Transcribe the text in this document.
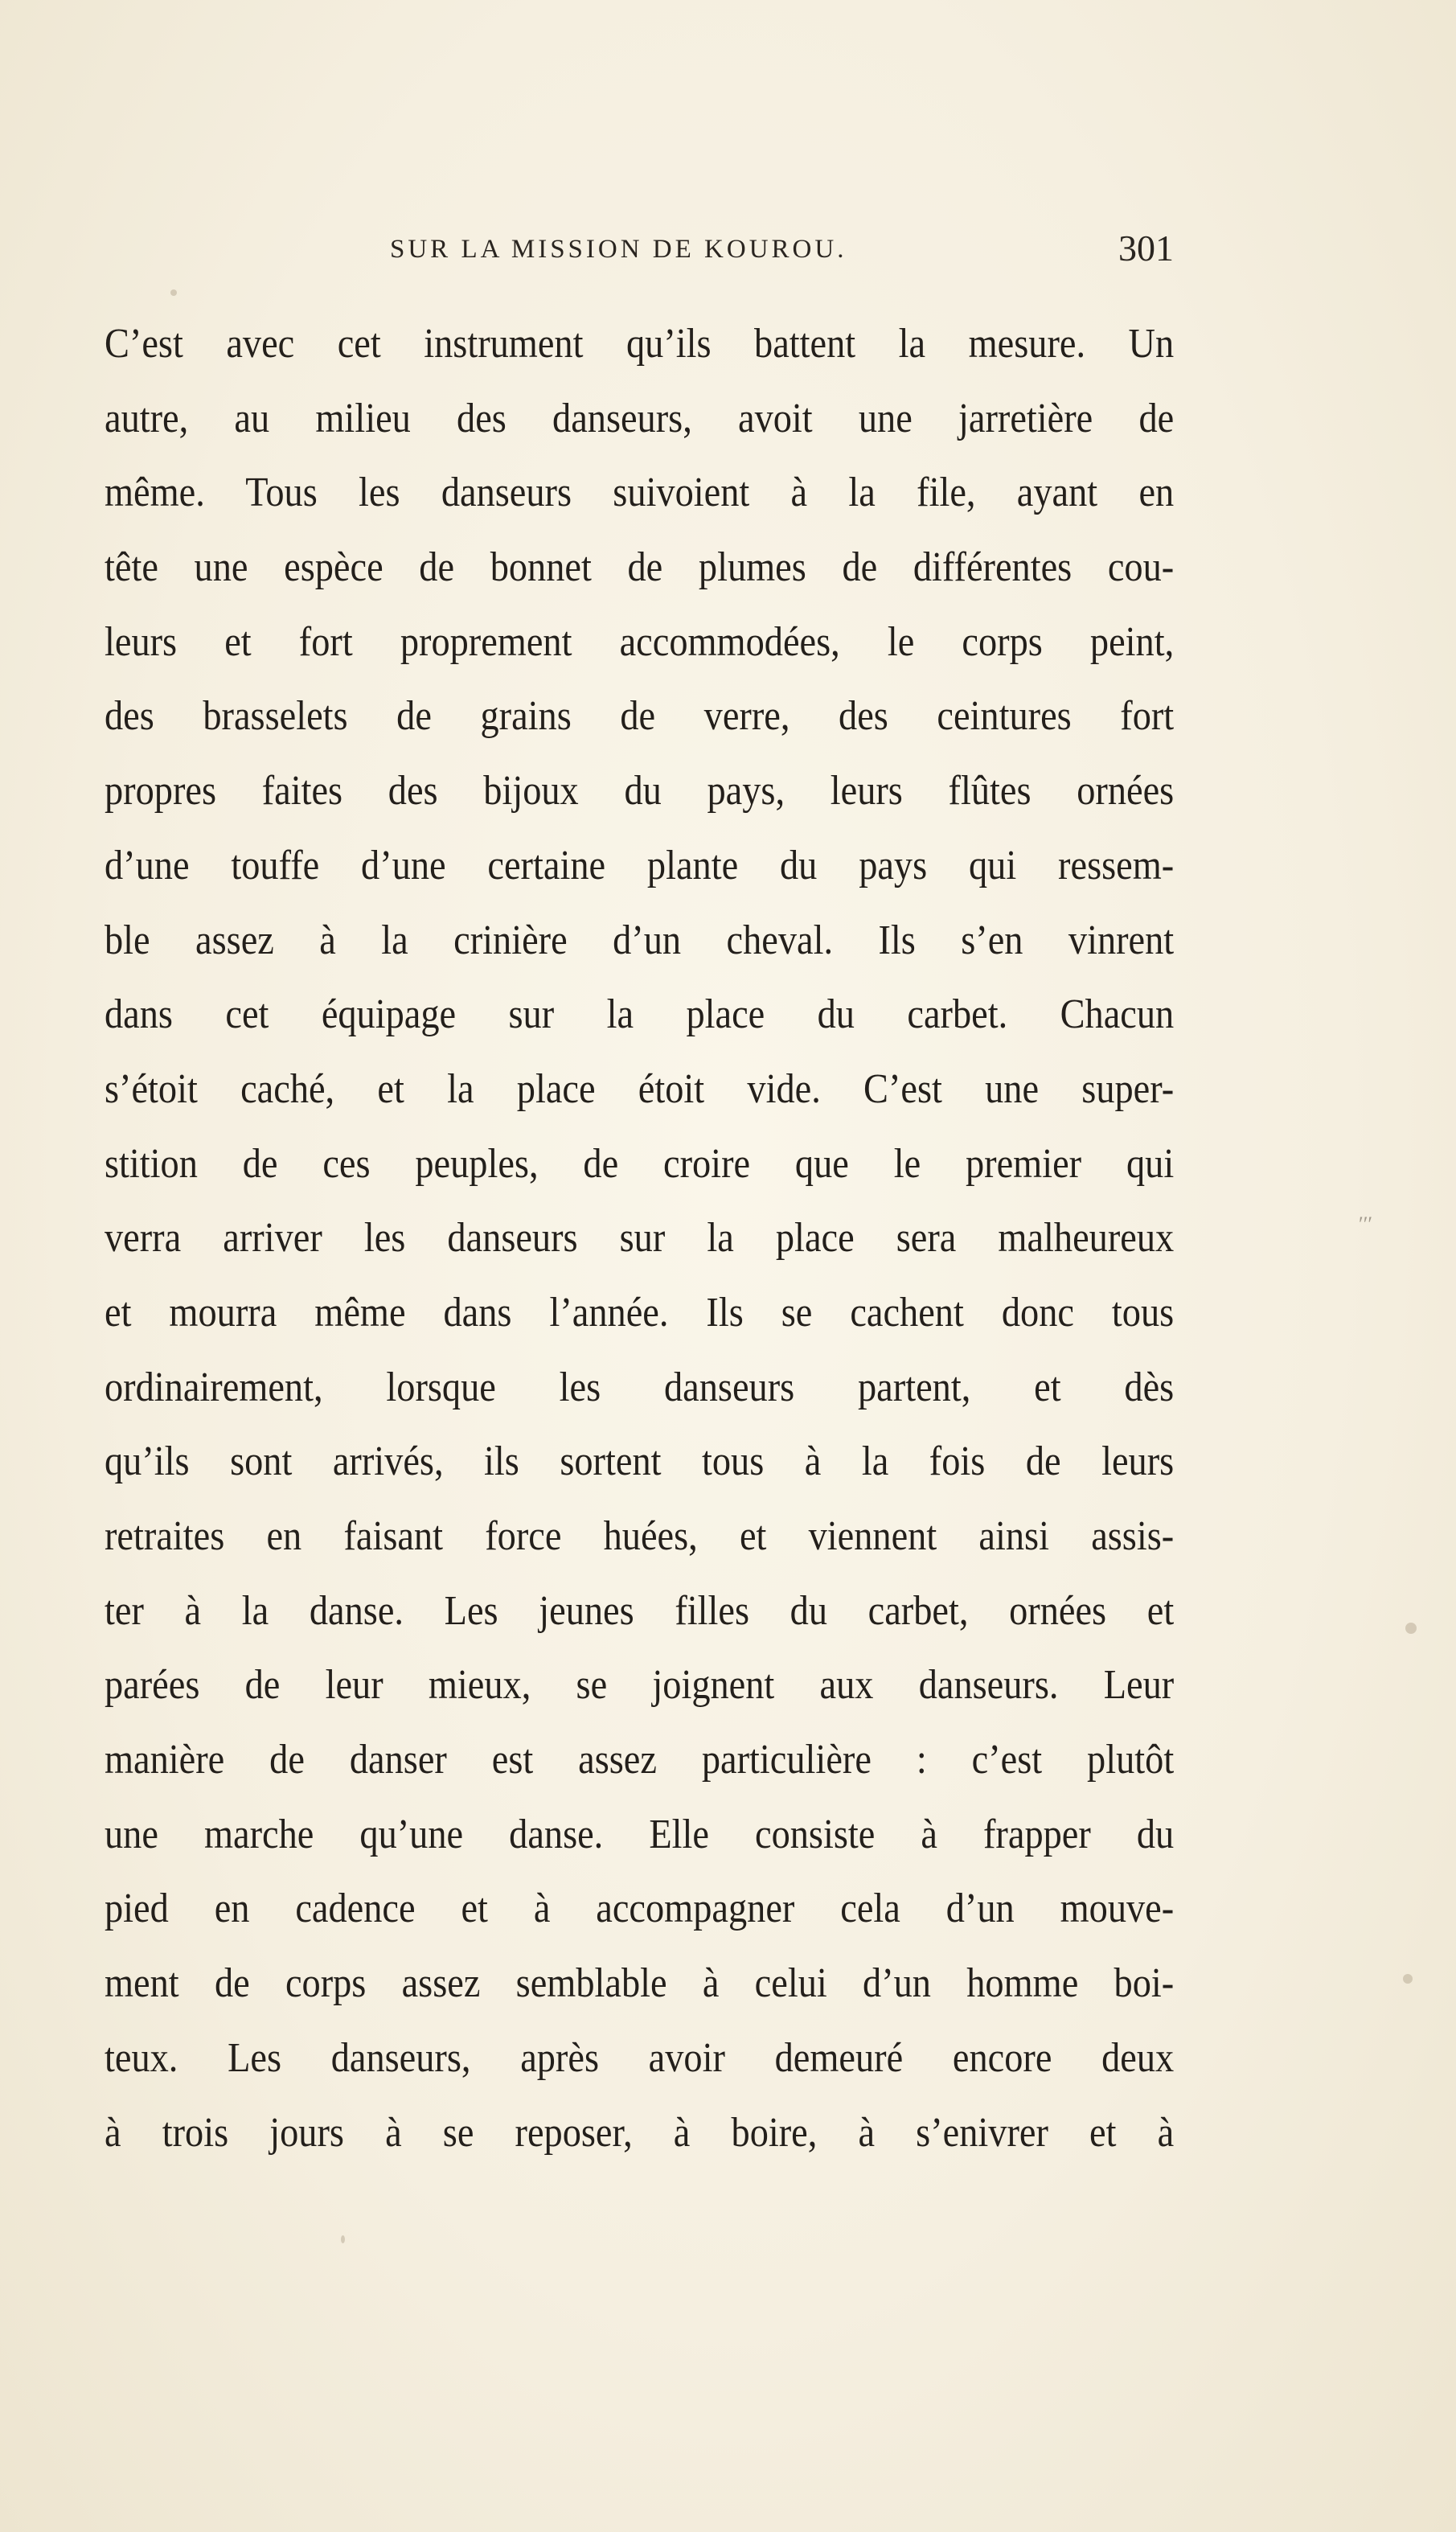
SUR LA MISSION DE KOUROU.	301
C’est avec cet instrument qu’ils battent la mesure. Un
autre, au milieu des danseurs, avoit une jarretière de
même. Tous les danseurs suivoient à la file, ayant en
tête une espèce de bonnet de plumes de différentes cou-
leurs et fort proprement accommodées, le corps peint,
des brasselets de grains de verre, des ceintures fort
propres faites des bijoux du pays, leurs flûtes ornées
d’une touffe d’une certaine plante du pays qui ressem-
ble assez à la crinière d’un cheval. Ils s’en vinrent
dans cet équipage sur la place du carbet. Chacun
s’étoit caché, et la place étoit vide. C’est une super-
stition de ces peuples, de croire que le premier qui
verra arriver les danseurs sur la place sera malheureux
et mourra même dans l’année. Ils se cachent donc tous
ordinairement, lorsque les danseurs partent, et dès
qu’ils sont arrivés, ils sortent tous à la fois de leurs
retraites en faisant force huées, et viennent ainsi assis-
ter à la danse. Les jeunes filles du carbet, ornées et
parées de leur mieux, se joignent aux danseurs. Leur
manière de danser est assez particulière : c’est plutôt
une marche qu’une danse. Elle consiste à frapper du
pied en cadence et à accompagner cela d’un mouve-
ment de corps assez semblable à celui d’un homme boi-
teux. Les danseurs, après avoir demeuré encore deux
à trois jours à se reposer, à boire, à s’enivrer et à
′′′
